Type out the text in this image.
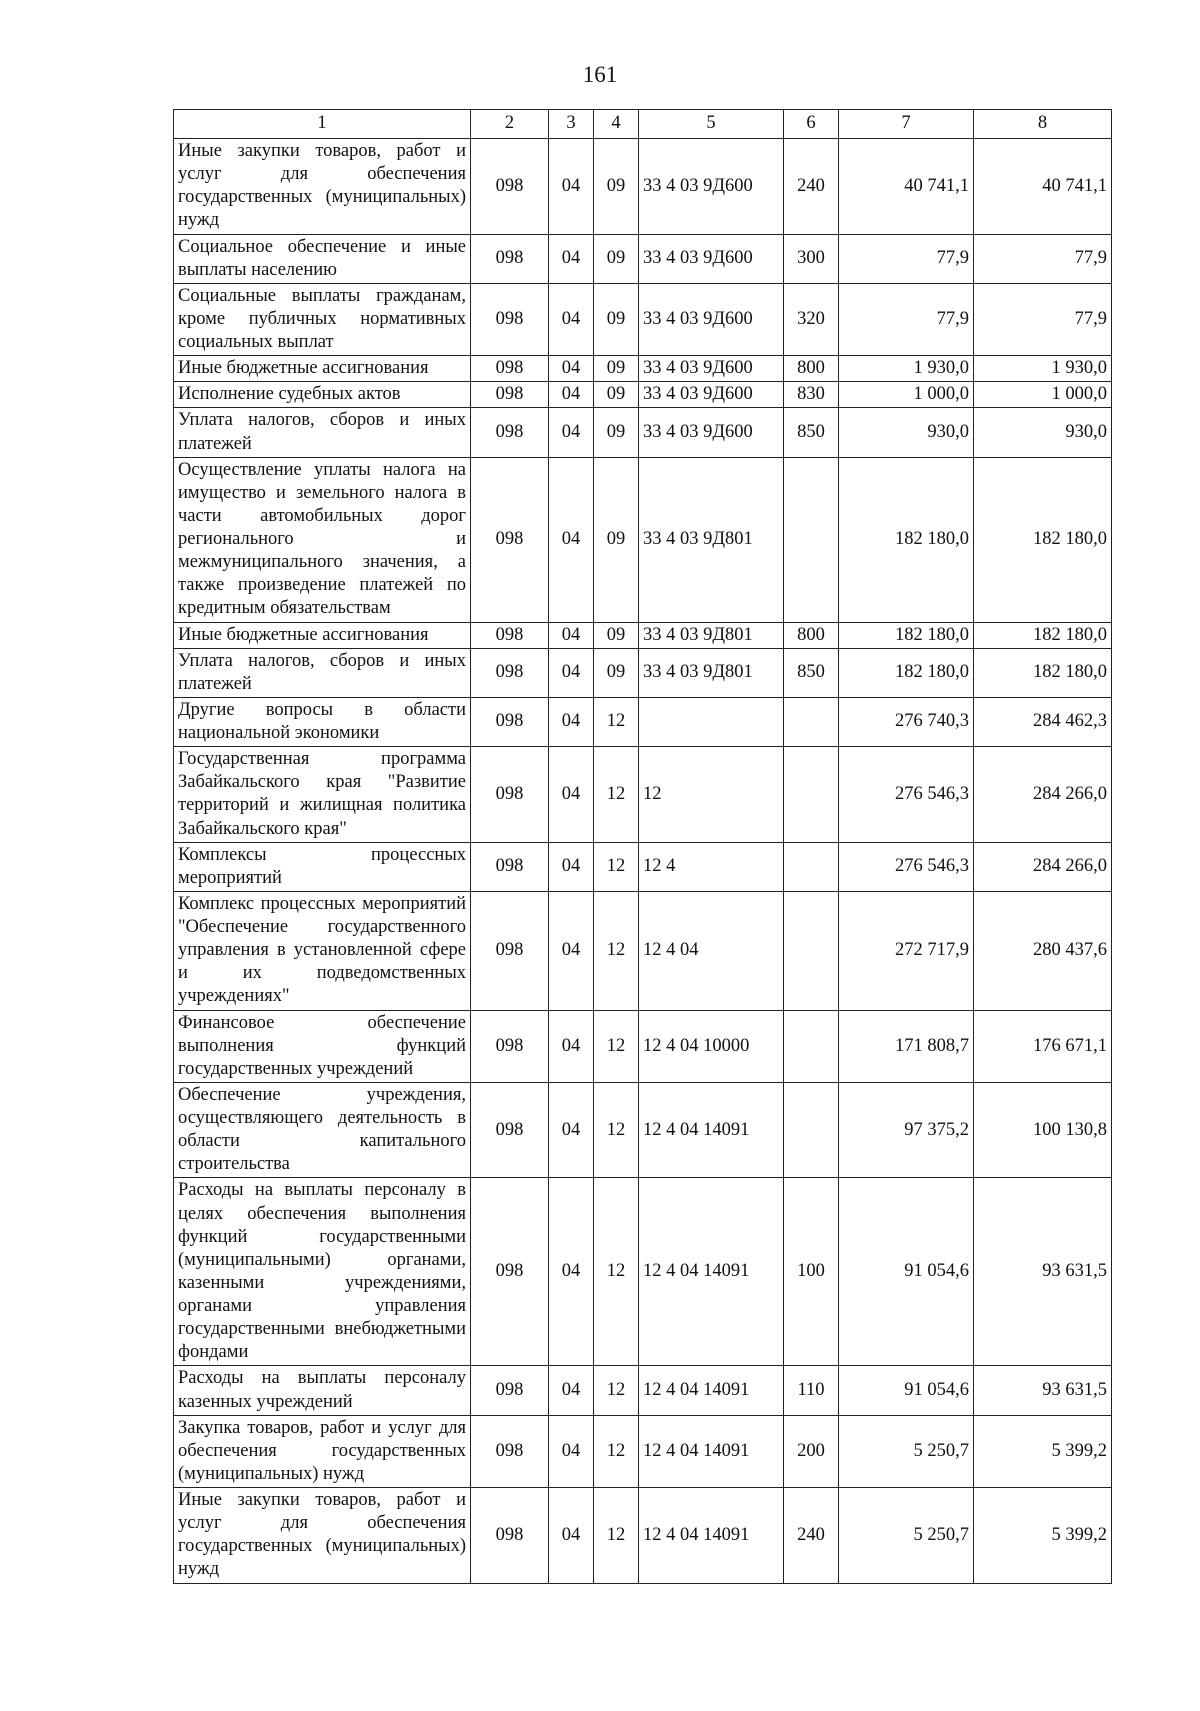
161
1	2	3	4	5	6	7	8
Иные закупки товаров, работ и услуг для обеспечения государственных (муниципальных) нужд	098	04	09	33 4 03 9Д600	240	40 741,1	40 741,1
Социальное обеспечение и иные выплаты населению	098	04	09	33 4 03 9Д600	300	77,9	77,9
Социальные выплаты гражданам, кроме публичных нормативных социальных выплат	098	04	09	33 4 03 9Д600	320	77,9	77,9
Иные бюджетные ассигнования	098	04	09	33 4 03 9Д600	800	1 930,0	1 930,0
Исполнение судебных актов	098	04	09	33 4 03 9Д600	830	1 000,0	1 000,0
Уплата налогов, сборов и иных платежей	098	04	09	33 4 03 9Д600	850	930,0	930,0
Осуществление уплаты налога на имущество и земельного налога в части автомобильных дорог регионального и межмуниципального значения, а также произведение платежей по кредитным обязательствам	098	04	09	33 4 03 9Д801		182 180,0	182 180,0
Иные бюджетные ассигнования	098	04	09	33 4 03 9Д801	800	182 180,0	182 180,0
Уплата налогов, сборов и иных платежей	098	04	09	33 4 03 9Д801	850	182 180,0	182 180,0
Другие вопросы в области национальной экономики	098	04	12			276 740,3	284 462,3
Государственная программа Забайкальского края "Развитие территорий и жилищная политика Забайкальского края"	098	04	12	12		276 546,3	284 266,0
Комплексы процессных мероприятий	098	04	12	12 4		276 546,3	284 266,0
Комплекс процессных мероприятий "Обеспечение государственного управления в установленной сфере и их подведомственных учреждениях"	098	04	12	12 4 04		272 717,9	280 437,6
Финансовое обеспечение выполнения функций государственных учреждений	098	04	12	12 4 04 10000		171 808,7	176 671,1
Обеспечение учреждения, осуществляющего деятельность в области капитального строительства	098	04	12	12 4 04 14091		97 375,2	100 130,8
Расходы на выплаты персоналу в целях обеспечения выполнения функций государственными (муниципальными) органами, казенными учреждениями, органами управления государственными внебюджетными фондами	098	04	12	12 4 04 14091	100	91 054,6	93 631,5
Расходы на выплаты персоналу казенных учреждений	098	04	12	12 4 04 14091	110	91 054,6	93 631,5
Закупка товаров, работ и услуг для обеспечения государственных (муниципальных) нужд	098	04	12	12 4 04 14091	200	5 250,7	5 399,2
Иные закупки товаров, работ и услуг для обеспечения государственных (муниципальных) нужд	098	04	12	12 4 04 14091	240	5 250,7	5 399,2
